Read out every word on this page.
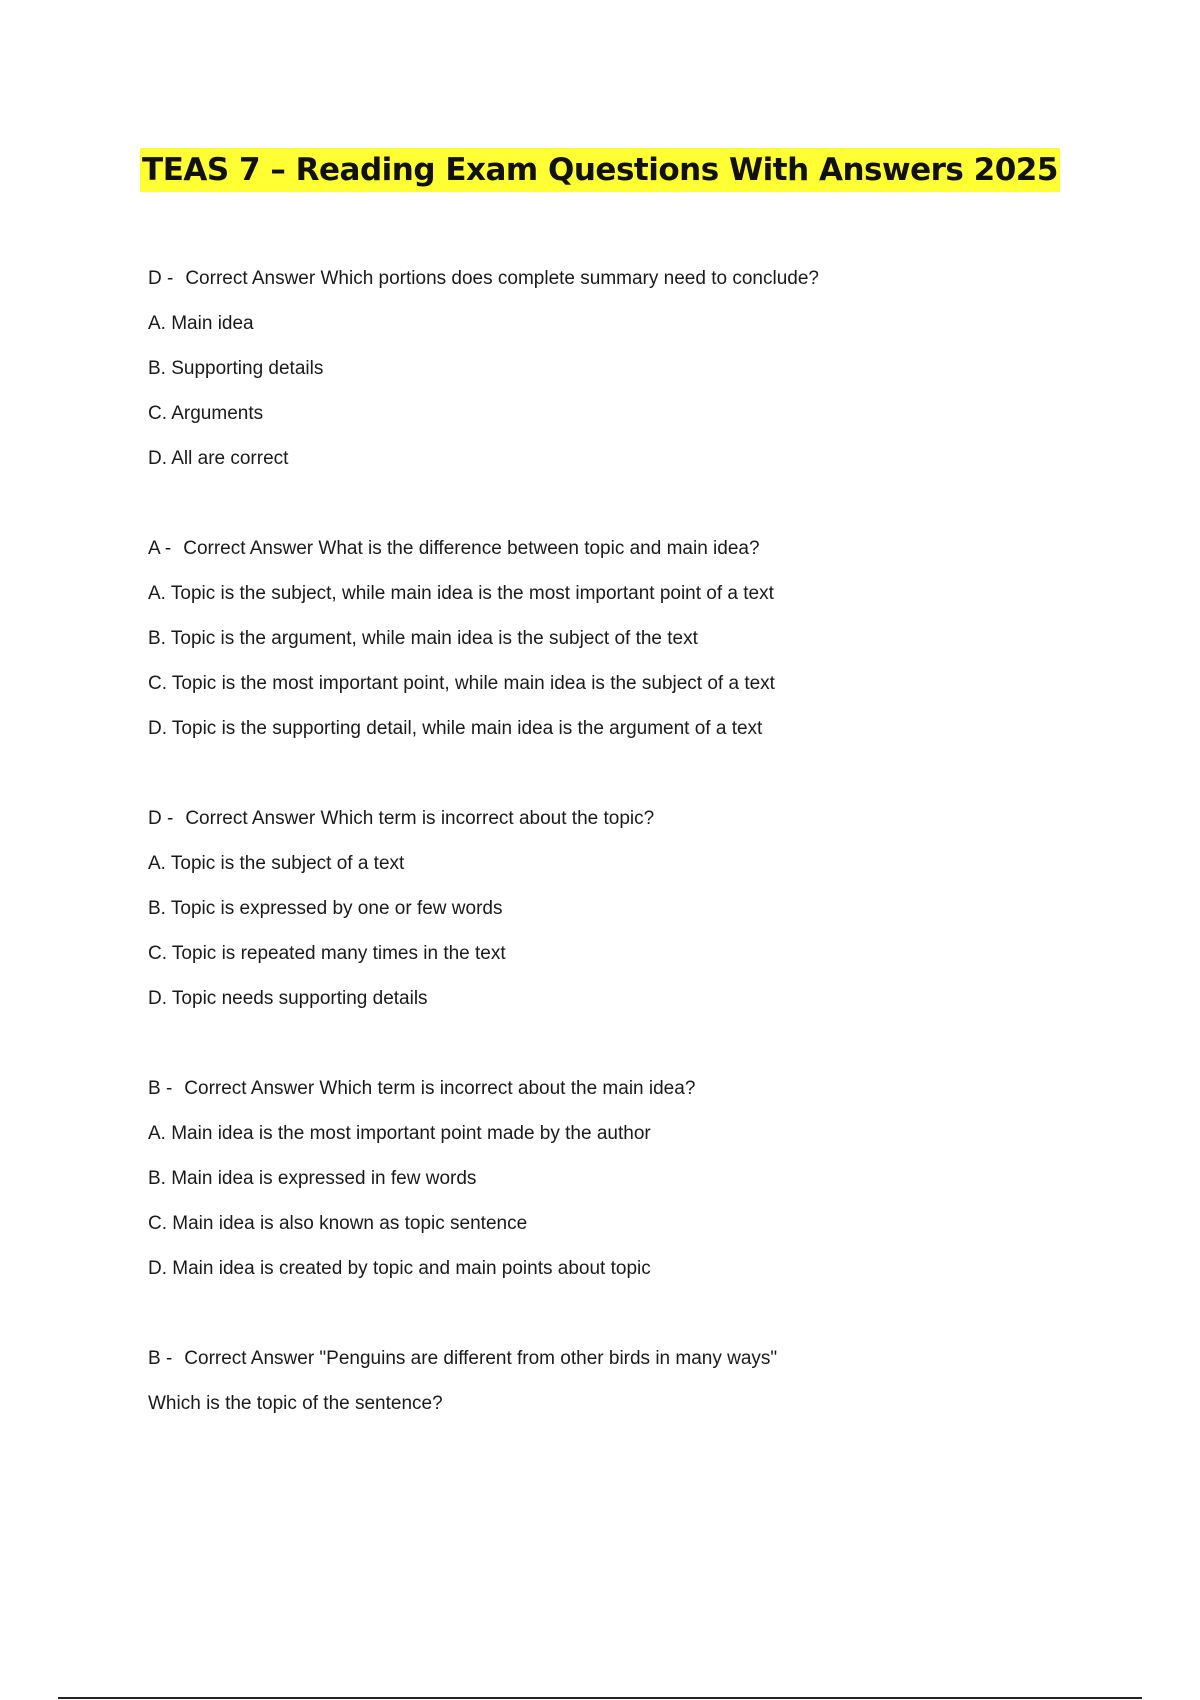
TEAS 7 – Reading Exam Questions With Answers 2025
D - Correct Answer Which portions does complete summary need to conclude?
A. Main idea
B. Supporting details
C. Arguments
D. All are correct
A - Correct Answer What is the difference between topic and main idea?
A. Topic is the subject, while main idea is the most important point of a text
B. Topic is the argument, while main idea is the subject of the text
C. Topic is the most important point, while main idea is the subject of a text
D. Topic is the supporting detail, while main idea is the argument of a text
D - Correct Answer Which term is incorrect about the topic?
A. Topic is the subject of a text
B. Topic is expressed by one or few words
C. Topic is repeated many times in the text
D. Topic needs supporting details
B - Correct Answer Which term is incorrect about the main idea?
A. Main idea is the most important point made by the author
B. Main idea is expressed in few words
C. Main idea is also known as topic sentence
D. Main idea is created by topic and main points about topic
B - Correct Answer "Penguins are different from other birds in many ways"
Which is the topic of the sentence?
